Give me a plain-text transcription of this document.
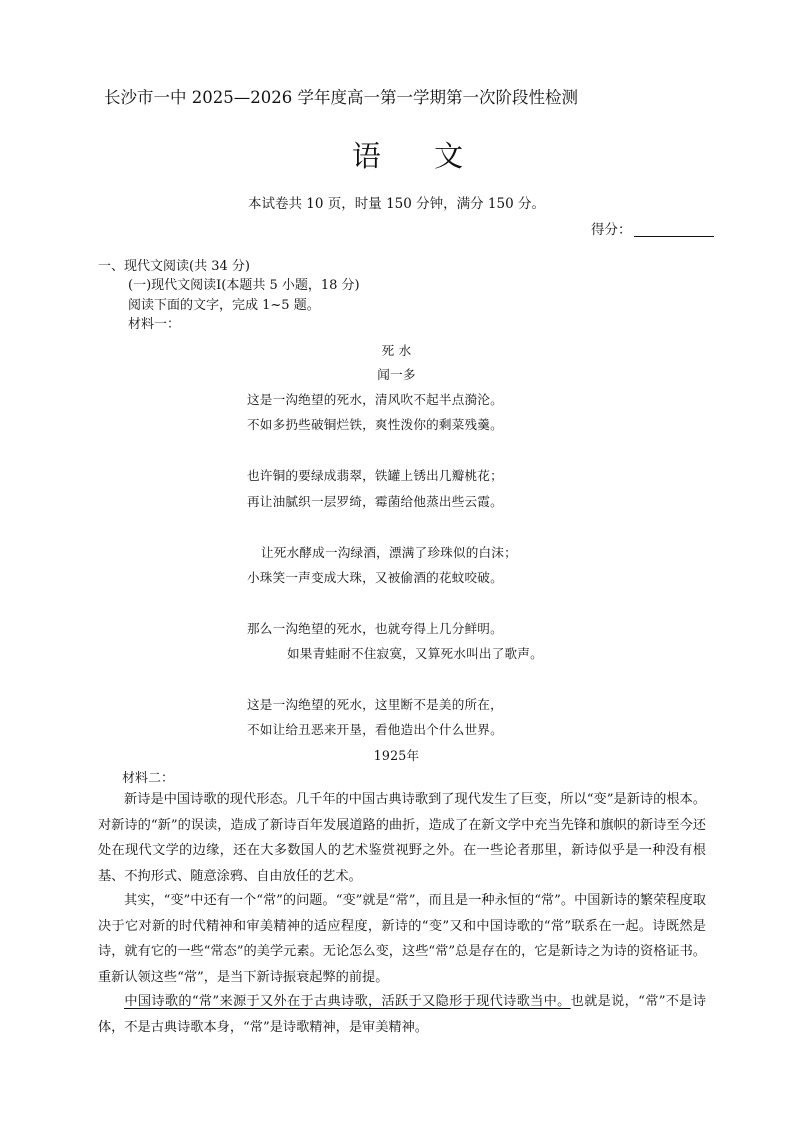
长沙市一中 2025—2026 学年度高一第一学期第一次阶段性检测
语 文
本试卷共 10 页，时量 150 分钟，满分 150 分。
得分：
一、现代文阅读(共 34 分)
(一)现代文阅读Ⅰ(本题共 5 小题，18 分)
阅读下面的文字，完成 1~5 题。
材料一：
死 水
闻一多
这是一沟绝望的死水，清风吹不起半点漪沦。
不如多扔些破铜烂铁，爽性泼你的剩菜残羹。
也许铜的要绿成翡翠，铁罐上锈出几瓣桃花；
再让油腻织一层罗绮，霉菌给他蒸出些云霞。
让死水酵成一沟绿酒，漂满了珍珠似的白沫；
小珠笑一声变成大珠，又被偷酒的花蚊咬破。
那么一沟绝望的死水，也就夸得上几分鲜明。
如果青蛙耐不住寂寞，又算死水叫出了歌声。
这是一沟绝望的死水，这里断不是美的所在，
不如让给丑恶来开垦，看他造出个什么世界。
1925年
材料二：
新诗是中国诗歌的现代形态。几千年的中国古典诗歌到了现代发生了巨变，所以“变”是新诗的根本。对新诗的“新”的误读，造成了新诗百年发展道路的曲折，造成了在新文学中充当先锋和旗帜的新诗至今还处在现代文学的边缘，还在大多数国人的艺术鉴赏视野之外。在一些论者那里，新诗似乎是一种没有根基、不拘形式、随意涂鸦、自由放任的艺术。
其实，“变”中还有一个“常”的问题。“变”就是“常”，而且是一种永恒的“常”。中国新诗的繁荣程度取决于它对新的时代精神和审美精神的适应程度，新诗的“变”又和中国诗歌的“常”联系在一起。诗既然是诗，就有它的一些“常态”的美学元素。无论怎么变，这些“常”总是存在的，它是新诗之为诗的资格证书。重新认领这些“常”，是当下新诗振衰起弊的前提。
中国诗歌的“常”来源于又外在于古典诗歌，活跃于又隐形于现代诗歌当中。也就是说，“常”不是诗体，不是古典诗歌本身，“常”是诗歌精神，是审美精神。
